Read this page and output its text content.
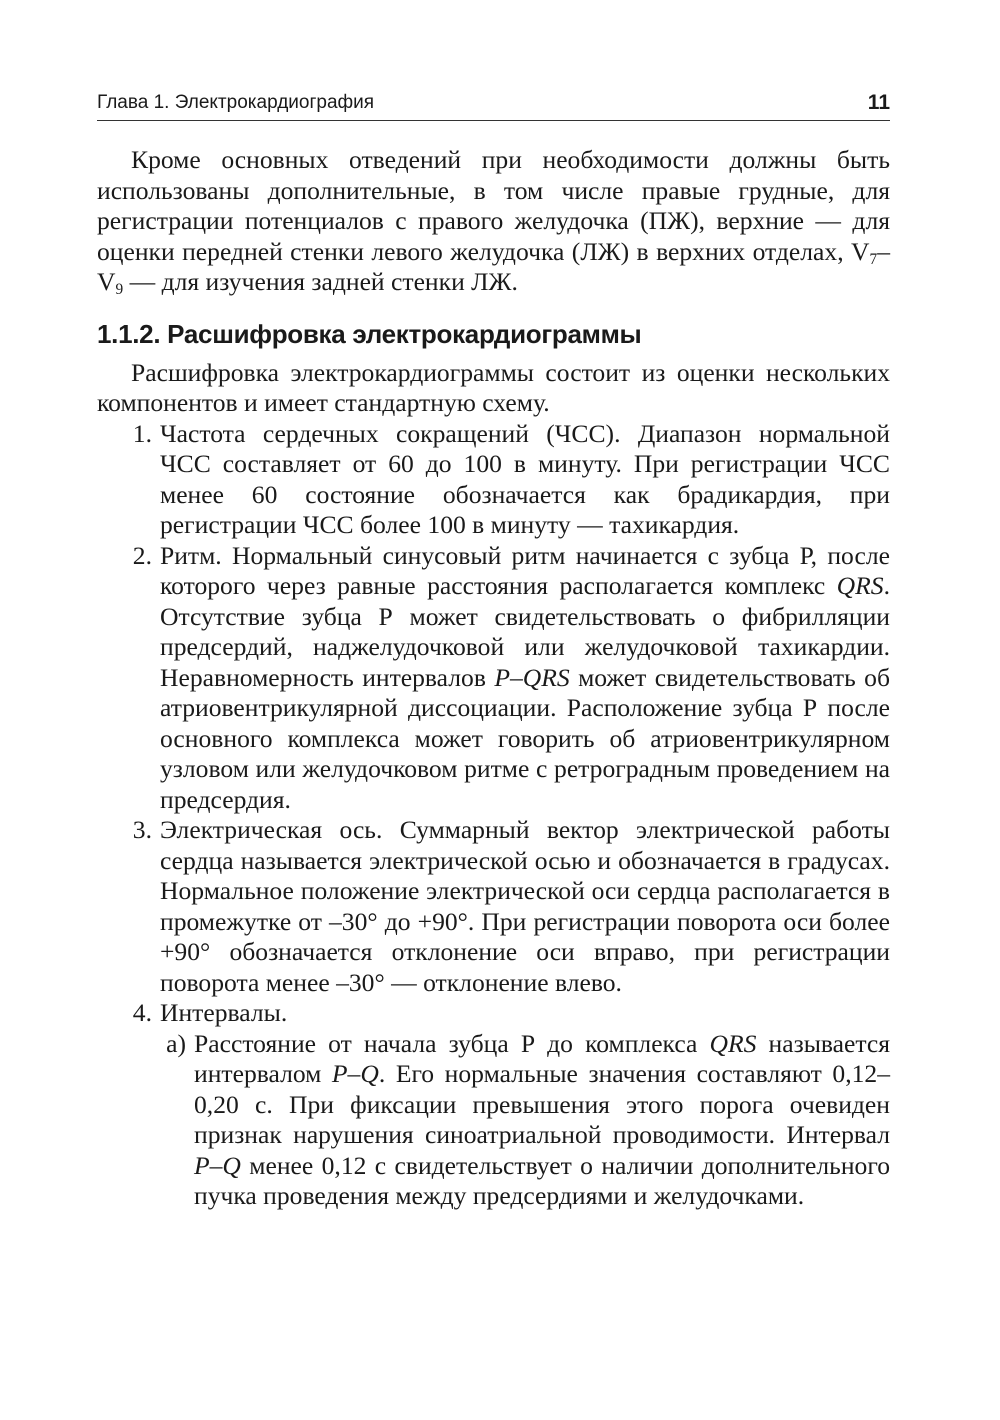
Глава 1. Электрокардиография	11

Кроме основных отведений при необходимости должны быть использованы дополнительные, в том числе правые грудные, для регистрации потенциалов с правого желудочка (ПЖ), верхние — для оценки передней стенки левого желудочка (ЛЖ) в верхних отделах, $V_7-V_9$ — для изучения задней стенки ЛЖ.

1.1.2. Расшифровка электрокардиограммы

Расшифровка электрокардиограммы состоит из оценки нескольких компонентов и имеет стандартную схему.

1. Частота сердечных сокращений (ЧСС). Диапазон нормальной ЧСС составляет от 60 до 100 в минуту. При регистрации ЧСС менее 60 состояние обозначается как брадикардия, при регистрации ЧСС более 100 в минуту — тахикардия.
2. Ритм. Нормальный синусовый ритм начинается с зубца Р, после которого через равные расстояния располагается комплекс QRS. Отсутствие зубца Р может свидетельствовать о фибрилляции предсердий, наджелудочковой или желудочковой тахикардии. Неравномерность интервалов P–QRS может свидетельствовать об атриовентрикулярной диссоциации. Расположение зубца Р после основного комплекса может говорить об атриовентрикулярном узловом или желудочковом ритме с ретроградным проведением на предсердия.
3. Электрическая ось. Суммарный вектор электрической работы сердца называется электрической осью и обозначается в градусах. Нормальное положение электрической оси сердца располагается в промежутке от –30° до +90°. При регистрации поворота оси более +90° обозначается отклонение оси вправо, при регистрации поворота менее –30° — отклонение влево.
4. Интервалы.
а) Расстояние от начала зубца Р до комплекса QRS называется интервалом P–Q. Его нормальные значения составляют 0,12–0,20 с. При фиксации превышения этого порога очевиден признак нарушения синоатриальной проводимости. Интервал P–Q менее 0,12 с свидетельствует о наличии дополнительного пучка проведения между предсердиями и желудочками.
